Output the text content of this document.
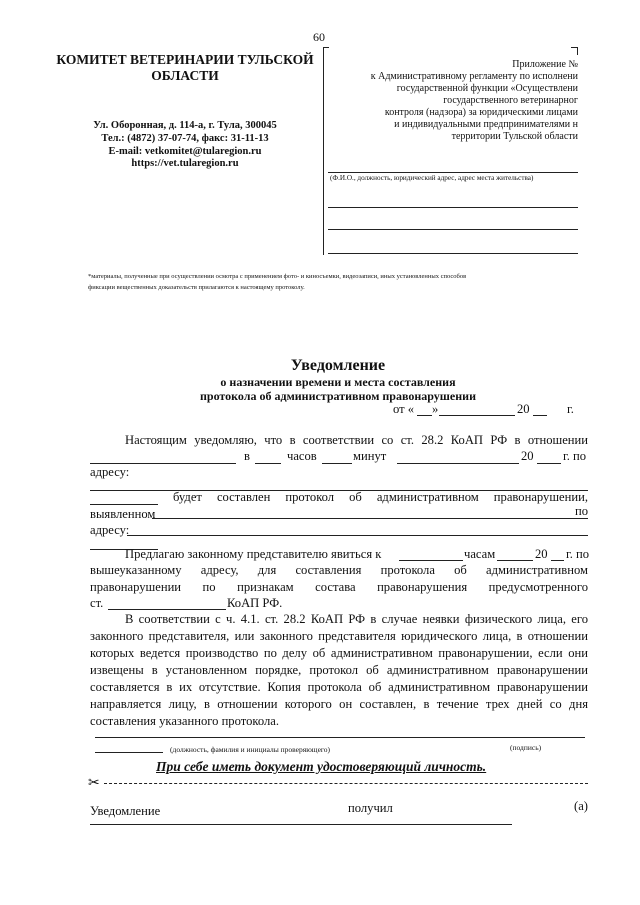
60
КОМИТЕТ ВЕТЕРИНАРИИ ТУЛЬСКОЙ
ОБЛАСТИ
Ул. Оборонная, д. 114-а, г. Тула, 300045
Тел.: (4872) 37-07-74, факс: 31-11-13
E-mail: vetkomitet@tularegion.ru
https://vet.tularegion.ru
Приложение №
к Административному регламенту по исполнени
государственной функции «Осуществлени
государственного ветеринарног
контроля (надзора) за юридическими лицами
и индивидуальными предпринимателями н
территории Тульской области
(Ф.И.О., должность, юридический адрес, адрес места жительства)
*материалы, полученные при осуществлении осмотра с применением фото- и киносъемки, видеозаписи, иных установленных способов
фиксации вещественных доказательств прилагаются к настоящему протоколу.
Уведомление
о назначении времени и места составления
протокола об административном правонарушении
от « »	20	г.
Настоящим уведомляю, что в соответствии со ст. 28.2 КоАП РФ в отношении
в	часов	минут	20 г. по
адресу:
будет составлен протокол об административном правонарушении,
по
выявленном
адресу:
Предлагаю законному представителю явиться к	часам	20 г. по
вышеуказанному адресу, для составления протокола об административном
правонарушении по признакам состава правонарушения предусмотренного
ст.	КоАП РФ.
В соответствии с ч. 4.1. ст. 28.2 КоАП РФ в случае неявки физического лица, его
законного представителя, или законного представителя юридического лица, в отношении
которых ведется производство по делу об административном правонарушении, если они
извещены в установленном порядке, протокол об административном правонарушении
составляется в их отсутствие. Копия протокола об административном правонарушении
направляется лицу, в отношении которого он составлен, в течение трех дней со дня
составления указанного протокола.
(должность, фамилия и инициалы проверяющего)	(подпись)
При себе иметь документ удостоверяющий личность.
✂
Уведомление	получил	(а)
